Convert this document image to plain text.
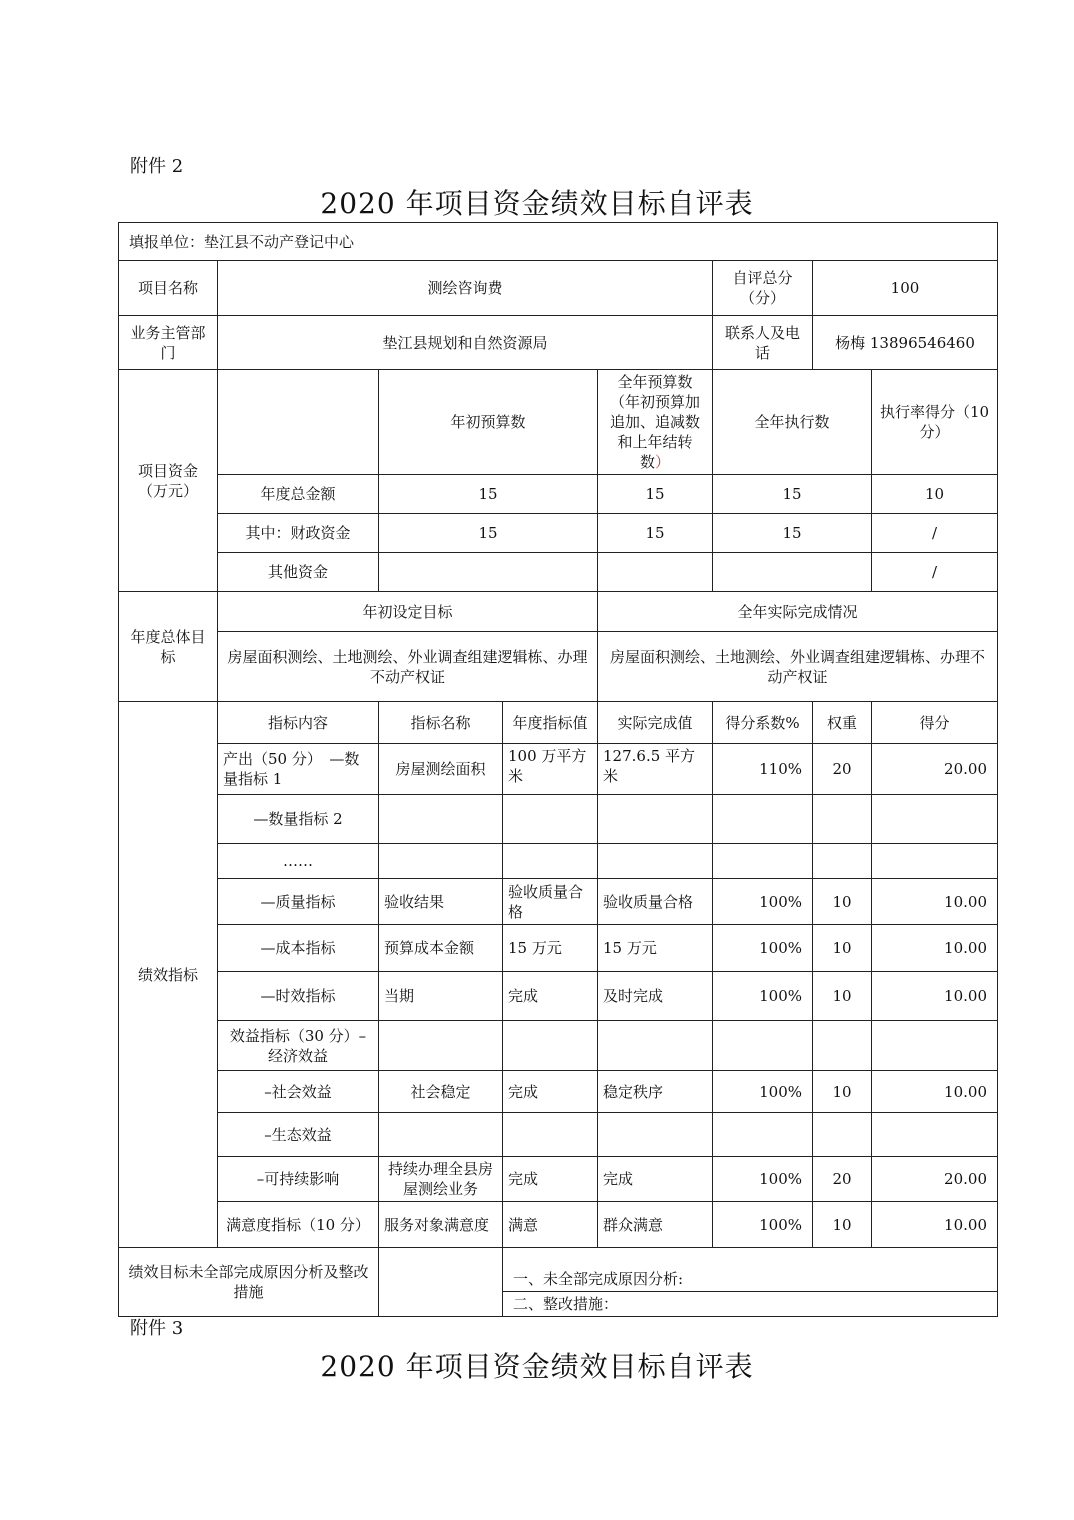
附件 2
2020 年项目资金绩效目标自评表
填报单位：垫江县不动产登记中心							
项目名称	测绘咨询费				自评总分（分）	100	
业务主管部门	垫江县规划和自然资源局				联系人及电话	杨梅 13896546460	
项目资金（万元）		年初预算数		全年预算数（年初预算加追加、追减数和上年结转数）	全年执行数		执行率得分（10 分）
	年度总金额	15		15	15		10
	其中：财政资金	15		15	15		/
	其他资金						/
年度总体目标	年初设定目标			全年实际完成情况			
	房屋面积测绘、土地测绘、外业调查组建逻辑栋、办理不动产权证			房屋面积测绘、土地测绘、外业调查组建逻辑栋、办理不动产权证			
绩效指标	指标内容	指标名称	年度指标值	实际完成值	得分系数%	权重	得分
	产出（50 分）　—数量指标 1	房屋测绘面积	100 万平方米	127.6.5 平方米	110%	20	20.00
	—数量指标 2						
	……						
	—质量指标	验收结果	验收质量合格	验收质量合格	100%	10	10.00
	—成本指标	预算成本金额	15 万元	15 万元	100%	10	10.00
	—时效指标	当期	完成	及时完成	100%	10	10.00
	效益指标（30 分）–经济效益						
	–社会效益	社会稳定	完成	稳定秩序	100%	10	10.00
	–生态效益						
	–可持续影响	持续办理全县房屋测绘业务	完成	完成	100%	20	20.00
	满意度指标（10 分）	服务对象满意度	满意	群众满意	100%	10	10.00
绩效目标未全部完成原因分析及整改措施			一、未全部完成原因分析:				
			二、整改措施：				
附件 3
2020 年项目资金绩效目标自评表
